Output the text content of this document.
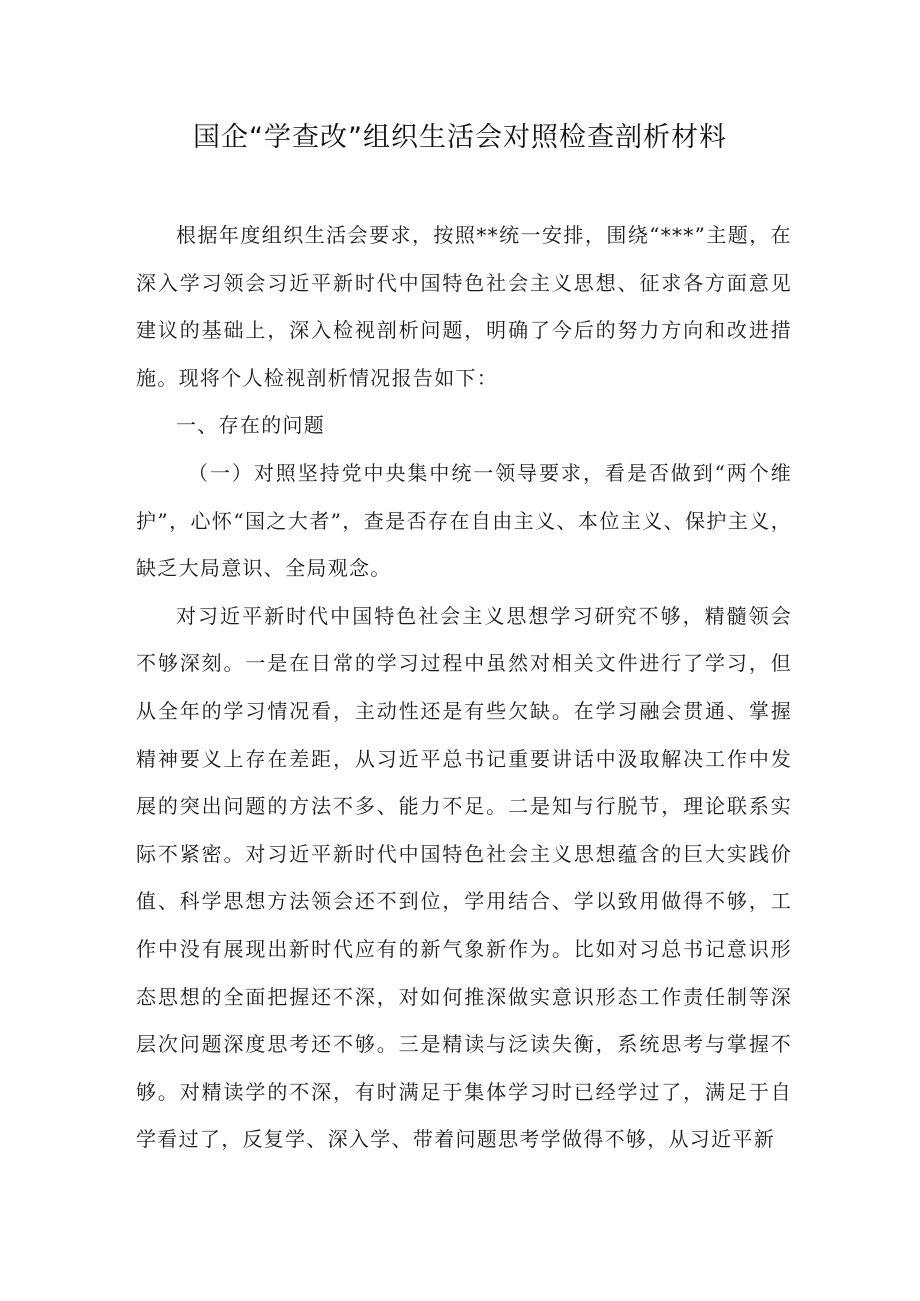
国企“学查改”组织生活会对照检查剖析材料

根据年度组织生活会要求，按照**统一安排，围绕“***”主题，在深入学习领会习近平新时代中国特色社会主义思想、征求各方面意见建议的基础上，深入检视剖析问题，明确了今后的努力方向和改进措施。现将个人检视剖析情况报告如下：

一、存在的问题

（一）对照坚持党中央集中统一领导要求，看是否做到“两个维护”，心怀“国之大者”，查是否存在自由主义、本位主义、保护主义，缺乏大局意识、全局观念。

对习近平新时代中国特色社会主义思想学习研究不够，精髓领会不够深刻。一是在日常的学习过程中虽然对相关文件进行了学习，但从全年的学习情况看，主动性还是有些欠缺。在学习融会贯通、掌握精神要义上存在差距，从习近平总书记重要讲话中汲取解决工作中发展的突出问题的方法不多、能力不足。二是知与行脱节，理论联系实际不紧密。对习近平新时代中国特色社会主义思想蕴含的巨大实践价值、科学思想方法领会还不到位，学用结合、学以致用做得不够，工作中没有展现出新时代应有的新气象新作为。比如对习总书记意识形态思想的全面把握还不深，对如何推深做实意识形态工作责任制等深层次问题深度思考还不够。三是精读与泛读失衡，系统思考与掌握不够。对精读学的不深，有时满足于集体学习时已经学过了，满足于自学看过了，反复学、深入学、带着问题思考学做得不够，从习近平新
